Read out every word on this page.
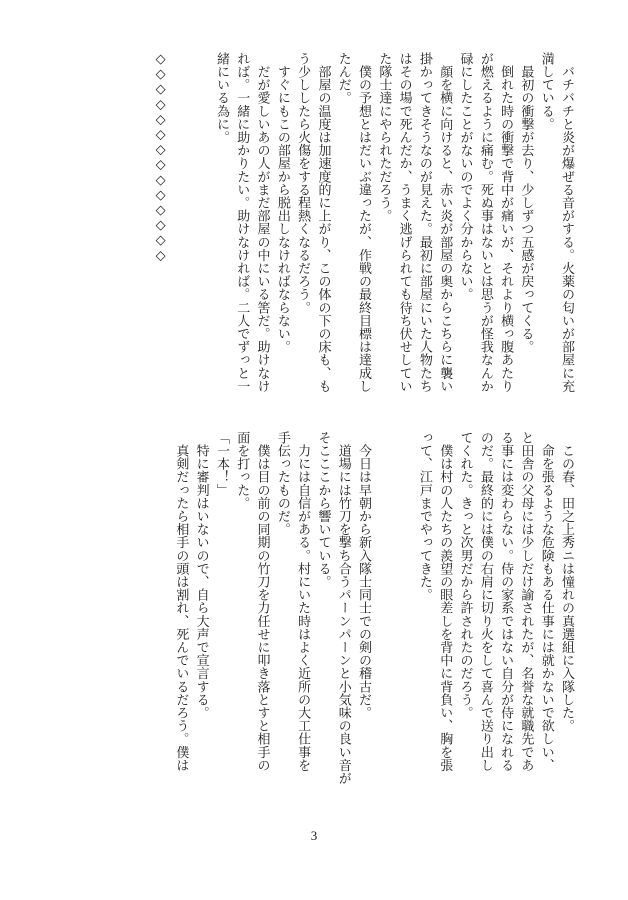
　バチバチと炎が爆ぜる音がする。火薬の匂いが部屋に充

満している。

　最初の衝撃が去り、少しずつ五感が戻ってくる。

　倒れた時の衝撃で背中が痛いが、それより横っ腹あたり

が燃えるように痛む。死ぬ事はないとは思うが怪我なんか

碌にしたことがないのでよく分からない。

　顔を横に向けると、赤い炎が部屋の奥からこちらに襲い

掛かってきそうなのが見えた。最初に部屋にいた人物たち

はその場で死んだか、うまく逃げられても待ち伏せしてい

た隊士達にやられただろう。

　僕の予想とはだいぶ違ったが、作戦の最終目標は達成し

たんだ。

　部屋の温度は加速度的に上がり、この体の下の床も、も

う少ししたら火傷をする程熱くなるだろう。

　すぐにもこの部屋から脱出しなければならない。

　だが愛しいあの人がまだ部屋の中にいる筈だ。助けなけ

れば。一緒に助かりたい。助けなければ。二人でずっと一

緒にいる為に。

◇◇◇◇◇◇◇◇◇◇◇◇◇◇

　この春、田之上秀ニは憧れの真選組に入隊した。

　命を張るような危険もある仕事には就かないで欲しい、

と田舎の父母には少しだけ諭されたが、名誉な就職先であ

る事には変わらない。侍の家系ではない自分が侍になれる

のだ。最終的には僕の右肩に切り火をして喜んで送り出し

てくれた。きっと次男だから許されたのだろう。

　僕は村の人たちの羨望の眼差しを背中に背負い、胸を張

って、江戸までやってきた。

　今日は早朝から新入隊士同士での剣の稽古だ。

　道場には竹刀を撃ち合うパーンパーンと小気味の良い音が

そこここから響いている。

　力には自信がある。村にいた時はよく近所の大工仕事を

手伝ったものだ。

　僕は目の前の同期の竹刀を力任せに叩き落とすと相手の

面を打った。

「一本！」

　特に審判はいないので、自ら大声で宣言する。

　真剣だったら相手の頭は割れ、死んでいるだろう。僕は

3
